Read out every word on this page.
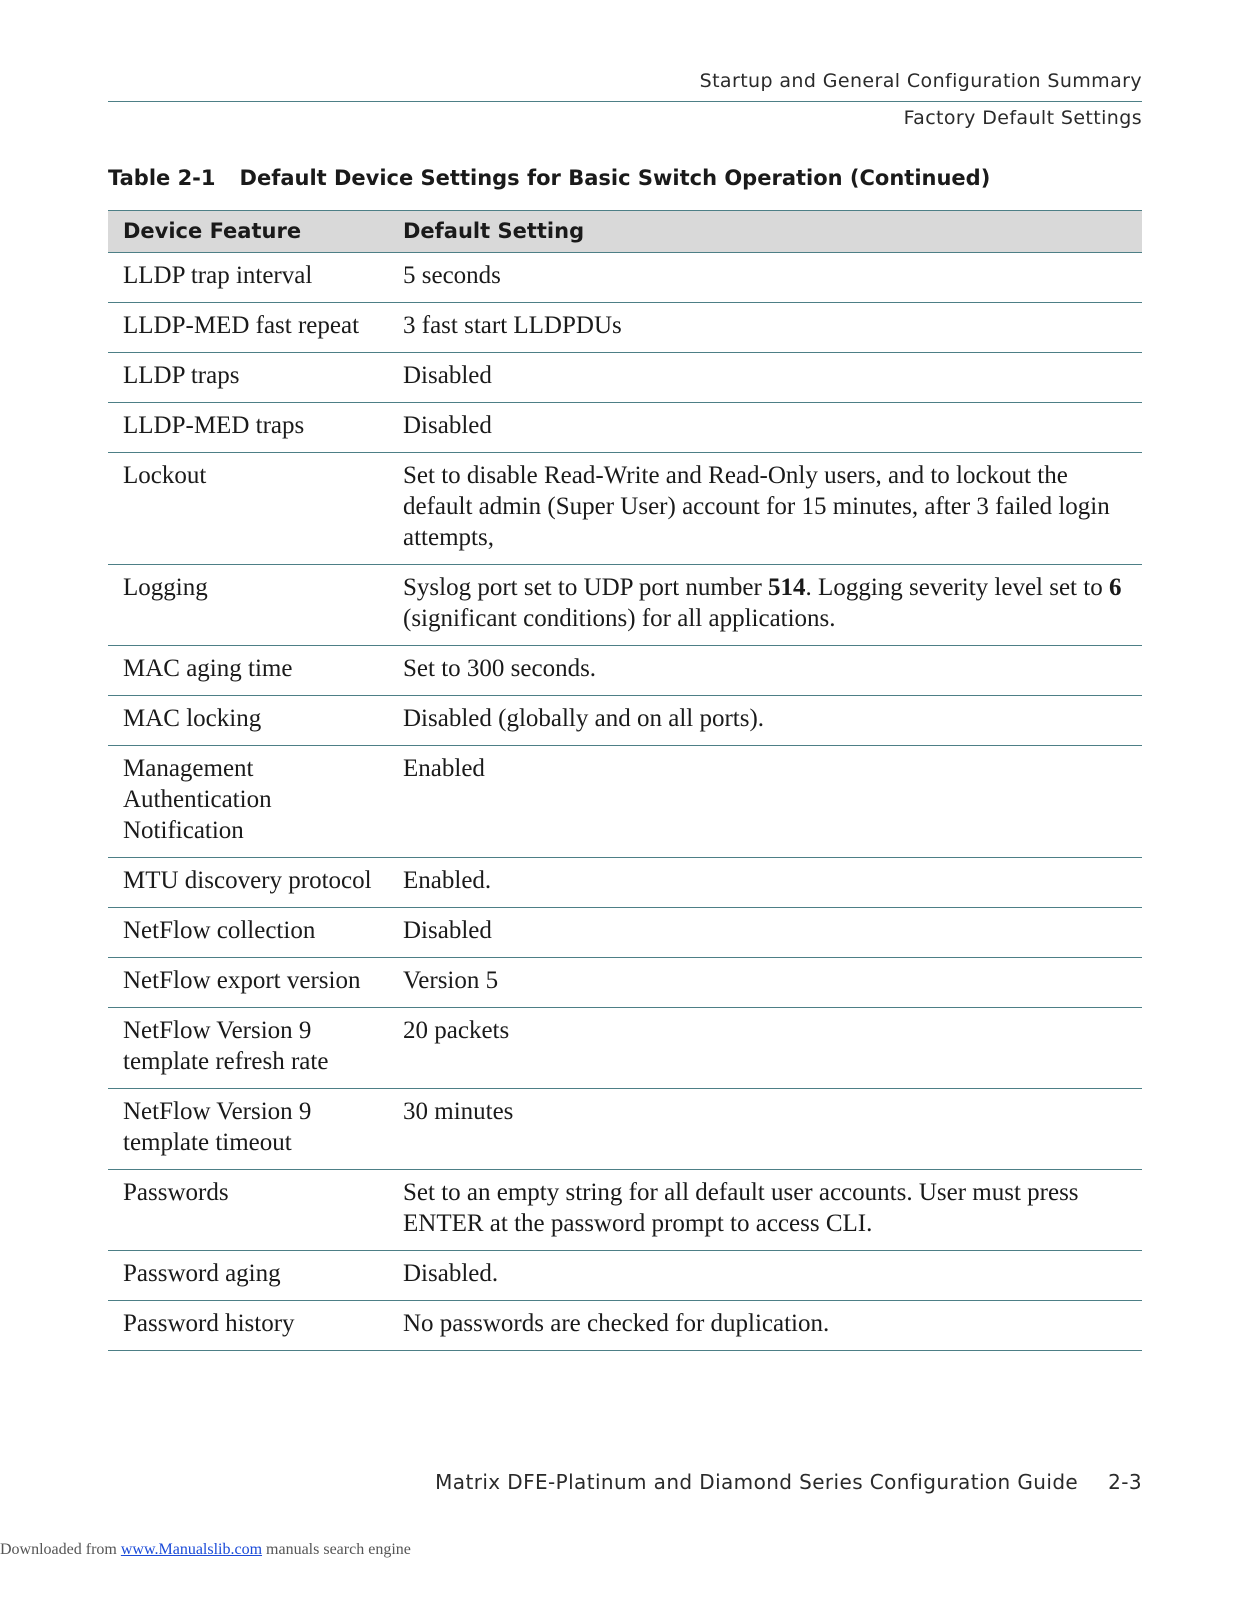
Startup and General Configuration Summary
Factory Default Settings
Table 2-1 Default Device Settings for Basic Switch Operation (Continued)
Device Feature	Default Setting
LLDP trap interval	5 seconds
LLDP-MED fast repeat	3 fast start LLDPDUs
LLDP traps	Disabled
LLDP-MED traps	Disabled
Lockout	Set to disable Read-Write and Read-Only users, and to lockout the default admin (Super User) account for 15 minutes, after 3 failed login attempts,
Logging	Syslog port set to UDP port number 514. Logging severity level set to 6 (significant conditions) for all applications.
MAC aging time	Set to 300 seconds.
MAC locking	Disabled (globally and on all ports).
Management Authentication Notification	Enabled
MTU discovery protocol	Enabled.
NetFlow collection	Disabled
NetFlow export version	Version 5
NetFlow Version 9 template refresh rate	20 packets
NetFlow Version 9 template timeout	30 minutes
Passwords	Set to an empty string for all default user accounts. User must press ENTER at the password prompt to access CLI.
Password aging	Disabled.
Password history	No passwords are checked for duplication.
Matrix DFE-Platinum and Diamond Series Configuration Guide 2-3
Downloaded from www.Manualslib.com manuals search engine
